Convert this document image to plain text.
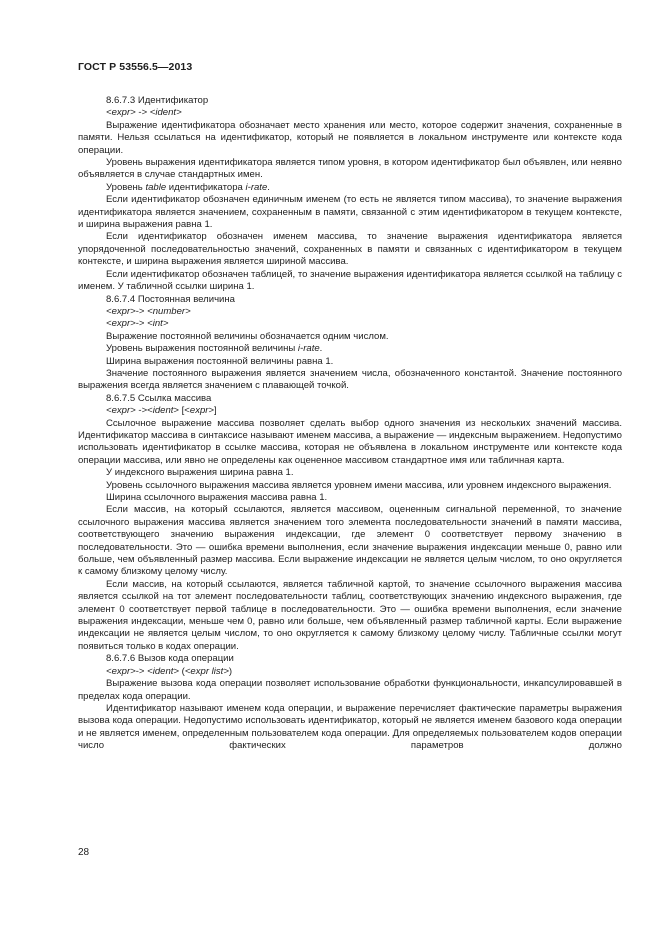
ГОСТ Р 53556.5—2013

8.6.7.3 Идентификатор

<expr> -> <ident>

Выражение идентификатора обозначает место хранения или место, которое содержит значения, сохраненные в памяти. Нельзя ссылаться на идентификатор, который не появляется в локальном инструменте или контексте кода операции.

Уровень выражения идентификатора является типом уровня, в котором идентификатор был объявлен, или неявно объявляется в случае стандартных имен.

Уровень table идентификатора i-rate.

Если идентификатор обозначен единичным именем (то есть не является типом массива), то значение выражения идентификатора является значением, сохраненным в памяти, связанной с этим идентификатором в текущем контексте, и ширина выражения равна 1.

Если идентификатор обозначен именем массива, то значение выражения идентификатора является упорядоченной последовательностью значений, сохраненных в памяти и связанных с идентификатором в текущем контексте, и ширина выражения является шириной массива.

Если идентификатор обозначен таблицей, то значение выражения идентификатора является ссылкой на таблицу с именем. У табличной ссылки ширина 1.

8.6.7.4 Постоянная величина

<expr>-> <number>

<expr>-> <int>

Выражение постоянной величины обозначается одним числом.

Уровень выражения постоянной величины i-rate.

Ширина выражения постоянной величины равна 1.

Значение постоянного выражения является значением числа, обозначенного константой. Значение постоянного выражения всегда является значением с плавающей точкой.

8.6.7.5 Ссылка массива

<expr> -><ident> [<expr>]

Сcылочное выражение массива позволяет сделать выбор одного значения из нескольких значений массива. Идентификатор массива в синтаксисе называют именем массива, а выражение — индексным выражением. Недопустимо использовать идентификатор в ссылке массива, которая не объявлена в локальном инструменте или контексте кода операции массива, или явно не определены как оцененное массивом стандартное имя или табличная карта.

У индексного выражения ширина равна 1.

Уровень ссылочного выражения массива является уровнем имени массива, или уровнем индексного выражения.

Ширина ссылочного выражения массива равна 1.

Если массив, на который ссылаются, является массивом, оцененным сигнальной переменной, то значение ссылочного выражения массива является значением того элемента последовательности значений в памяти массива, соответствующего значению выражения индексации, где элемент 0 соответствует первому значению в последовательности. Это — ошибка времени выполнения, если значение выражения индексации меньше 0, равно или больше, чем объявленный размер массива. Если выражение индексации не является целым числом, то оно округляется к самому близкому целому числу.

Если массив, на который ссылаются, является табличной картой, то значение ссылочного выражения массива является ссылкой на тот элемент последовательности таблиц, соответствующих значению индексного выражения, где элемент 0 соответствует первой таблице в последовательности. Это — ошибка времени выполнения, если значение выражения индексации, меньше чем 0, равно или больше, чем объявленный размер табличной карты. Если выражение индексации не является целым числом, то оно округляется к самому близкому целому числу. Табличные ссылки могут появиться только в кодах операции.

8.6.7.6 Вызов кода операции

<expr>-> <ident> (<expr list>)

Выражение вызова кода операции позволяет использование обработки функциональности, инкапсулировавшей в пределах кода операции.

Идентификатор называют именем кода операции, и выражение перечисляет фактические параметры выражения вызова кода операции. Недопустимо использовать идентификатор, который не является именем базового кода операции и не является именем, определенным пользователем кода операции. Для определяемых пользователем кодов операции число фактических параметров должно

28
